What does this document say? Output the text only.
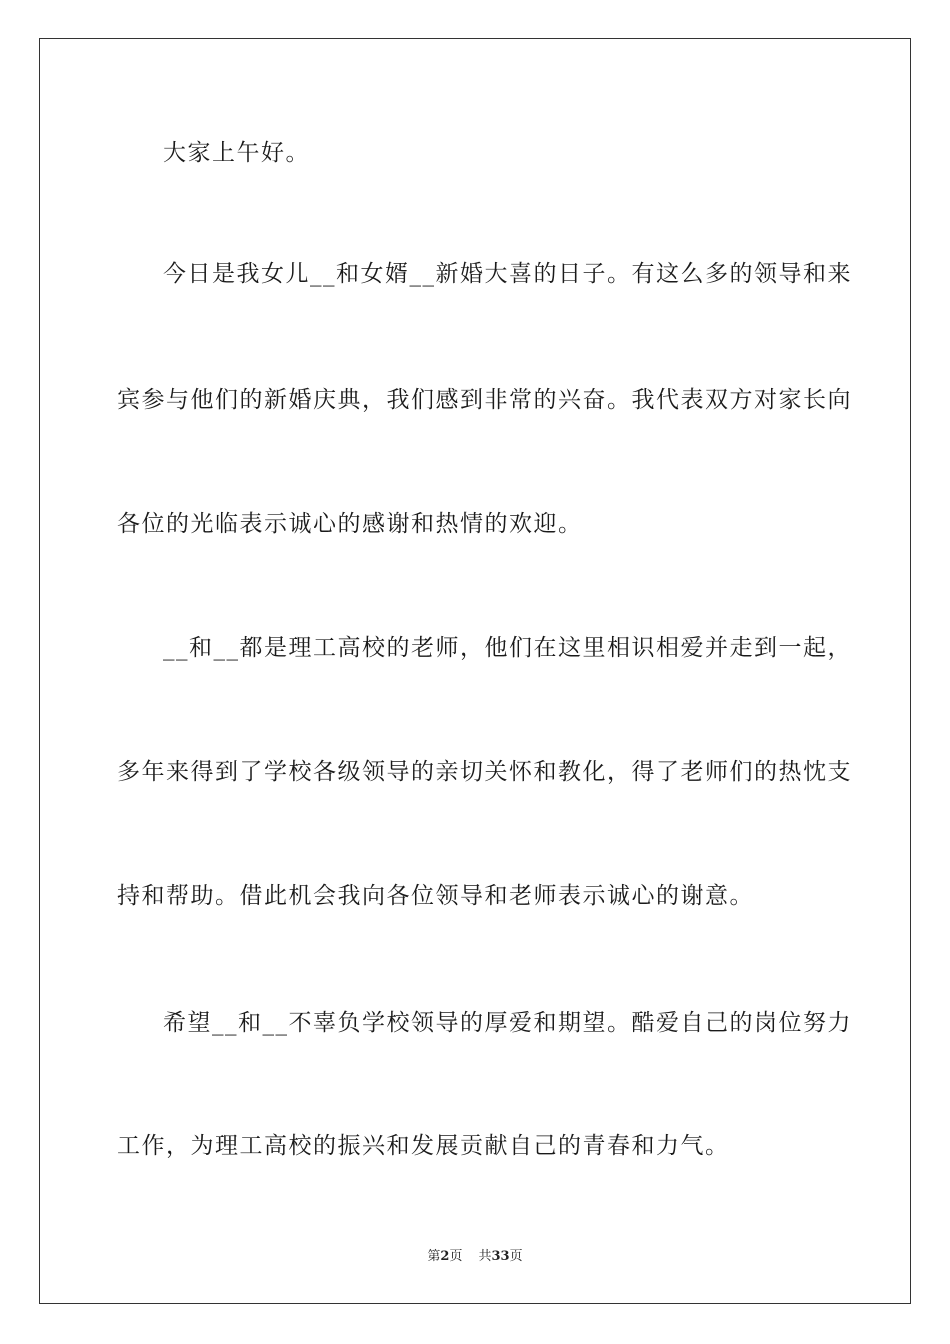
大家上午好。
今日是我女儿__和女婿__新婚大喜的日子。有这么多的领导和来
宾参与他们的新婚庆典，我们感到非常的兴奋。我代表双方对家长向
各位的光临表示诚心的感谢和热情的欢迎。
__和__都是理工高校的老师，他们在这里相识相爱并走到一起，
多年来得到了学校各级领导的亲切关怀和教化，得了老师们的热忱支
持和帮助。借此机会我向各位领导和老师表示诚心的谢意。
希望__和__不辜负学校领导的厚爱和期望。酷爱自己的岗位努力
工作，为理工高校的振兴和发展贡献自己的青春和力气。
第2页 共33页
